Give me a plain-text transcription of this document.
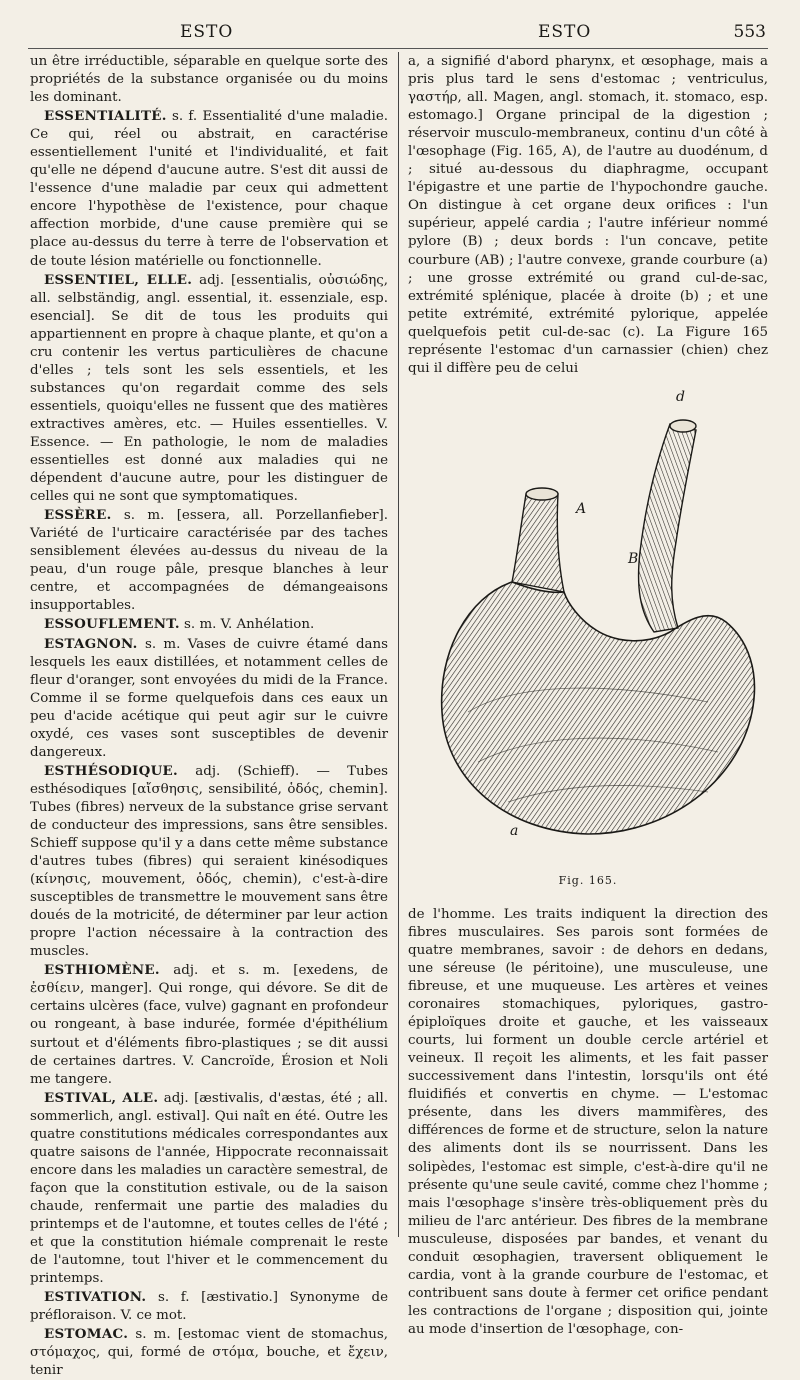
ESTO	ESTO	553

un être irréductible, séparable en quelque sorte des propriétés de la substance organisée ou du moins les dominant.

ESSENTIALITÉ. s. f. Essentialité d'une maladie. Ce qui, réel ou abstrait, en caractérise essentiellement l'unité et l'individualité, et fait qu'elle ne dépend d'aucune autre. S'est dit aussi de l'essence d'une maladie par ceux qui admettent encore l'hypothèse de l'existence, pour chaque affection morbide, d'une cause première qui se place au-dessus du terre à terre de l'observation et de toute lésion matérielle ou fonctionnelle.

ESSENTIEL, ELLE. adj. [essentialis, οὐσιώδης, all. selbständig, angl. essential, it. essenziale, esp. esencial]. Se dit de tous les produits qui appartiennent en propre à chaque plante, et qu'on a cru contenir les vertus particulières de chacune d'elles ; tels sont les sels essentiels, et les substances qu'on regardait comme des sels essentiels, quoiqu'elles ne fussent que des matières extractives amères, etc. — Huiles essentielles. V. Essence. — En pathologie, le nom de maladies essentielles est donné aux maladies qui ne dépendent d'aucune autre, pour les distinguer de celles qui ne sont que symptomatiques.

ESSÈRE. s. m. [essera, all. Porzellanfieber]. Variété de l'urticaire caractérisée par des taches sensiblement élevées au-dessus du niveau de la peau, d'un rouge pâle, presque blanches à leur centre, et accompagnées de démangeaisons insupportables.

ESSOUFLEMENT. s. m. V. Anhélation.

ESTAGNON. s. m. Vases de cuivre étamé dans lesquels les eaux distillées, et notamment celles de fleur d'oranger, sont envoyées du midi de la France. Comme il se forme quelquefois dans ces eaux un peu d'acide acétique qui peut agir sur le cuivre oxydé, ces vases sont susceptibles de devenir dangereux.

ESTHÉSODIQUE. adj. (Schieff). — Tubes esthésodiques [αἴσθησις, sensibilité, ὁδός, chemin]. Tubes (fibres) nerveux de la substance grise servant de conducteur des impressions, sans être sensibles. Schieff suppose qu'il y a dans cette même substance d'autres tubes (fibres) qui seraient kinésodiques (κίνησις, mouvement, ὁδός, chemin), c'est-à-dire susceptibles de transmettre le mouvement sans être doués de la motricité, de déterminer par leur action propre l'action nécessaire à la contraction des muscles.

ESTHIOMÈNE. adj. et s. m. [exedens, de ἐσθίειν, manger]. Qui ronge, qui dévore. Se dit de certains ulcères (face, vulve) gagnant en profondeur ou rongeant, à base indurée, formée d'épithélium surtout et d'éléments fibro-plastiques ; se dit aussi de certaines dartres. V. Cancroïde, Érosion et Noli me tangere.

ESTIVAL, ALE. adj. [æstivalis, d'æstas, été ; all. sommerlich, angl. estival]. Qui naît en été. Outre les quatre constitutions médicales correspondantes aux quatre saisons de l'année, Hippocrate reconnaissait encore dans les maladies un caractère semestral, de façon que la constitution estivale, ou de la saison chaude, renfermait une partie des maladies du printemps et de l'automne, et toutes celles de l'été ; et que la constitution hiémale comprenait le reste de l'automne, tout l'hiver et le commencement du printemps.

ESTIVATION. s. f. [æstivatio.] Synonyme de préfloraison. V. ce mot.

ESTOMAC. s. m. [estomac vient de stomachus, στόμαχος, qui, formé de στόμα, bouche, et ἔχειν, tenir

a, a signifié d'abord pharynx, et œsophage, mais a pris plus tard le sens d'estomac ; ventriculus, γαστήρ, all. Magen, angl. stomach, it. stomaco, esp. estomago.] Organe principal de la digestion ; réservoir musculo-membraneux, continu d'un côté à l'œsophage (Fig. 165, A), de l'autre au duodénum, d ; situé au-dessous du diaphragme, occupant l'épigastre et une partie de l'hypochondre gauche. On distingue à cet organe deux orifices : l'un supérieur, appelé cardia ; l'autre inférieur nommé pylore (B) ; deux bords : l'un concave, petite courbure (AB) ; l'autre convexe, grande courbure (a) ; une grosse extrémité ou grand cul-de-sac, extrémité splénique, placée à droite (b) ; et une petite extrémité, extrémité pylorique, appelée quelquefois petit cul-de-sac (c). La Figure 165 représente l'estomac d'un carnassier (chien) chez qui il diffère peu de celui

d
A
B
a
Fig. 165.

de l'homme. Les traits indiquent la direction des fibres musculaires. Ses parois sont formées de quatre membranes, savoir : de dehors en dedans, une séreuse (le péritoine), une musculeuse, une fibreuse, et une muqueuse. Les artères et veines coronaires stomachiques, pyloriques, gastro-épiploïques droite et gauche, et les vaisseaux courts, lui forment un double cercle artériel et veineux. Il reçoit les aliments, et les fait passer successivement dans l'intestin, lorsqu'ils ont été fluidifiés et convertis en chyme. — L'estomac présente, dans les divers mammifères, des différences de forme et de structure, selon la nature des aliments dont ils se nourrissent. Dans les solipèdes, l'estomac est simple, c'est-à-dire qu'il ne présente qu'une seule cavité, comme chez l'homme ; mais l'œsophage s'insère très-obliquement près du milieu de l'arc antérieur. Des fibres de la membrane musculeuse, disposées par bandes, et venant du conduit œsophagien, traversent obliquement le cardia, vont à la grande courbure de l'estomac, et contribuent sans doute à fermer cet orifice pendant les contractions de l'organe ; disposition qui, jointe au mode d'insertion de l'œsophage, con-
